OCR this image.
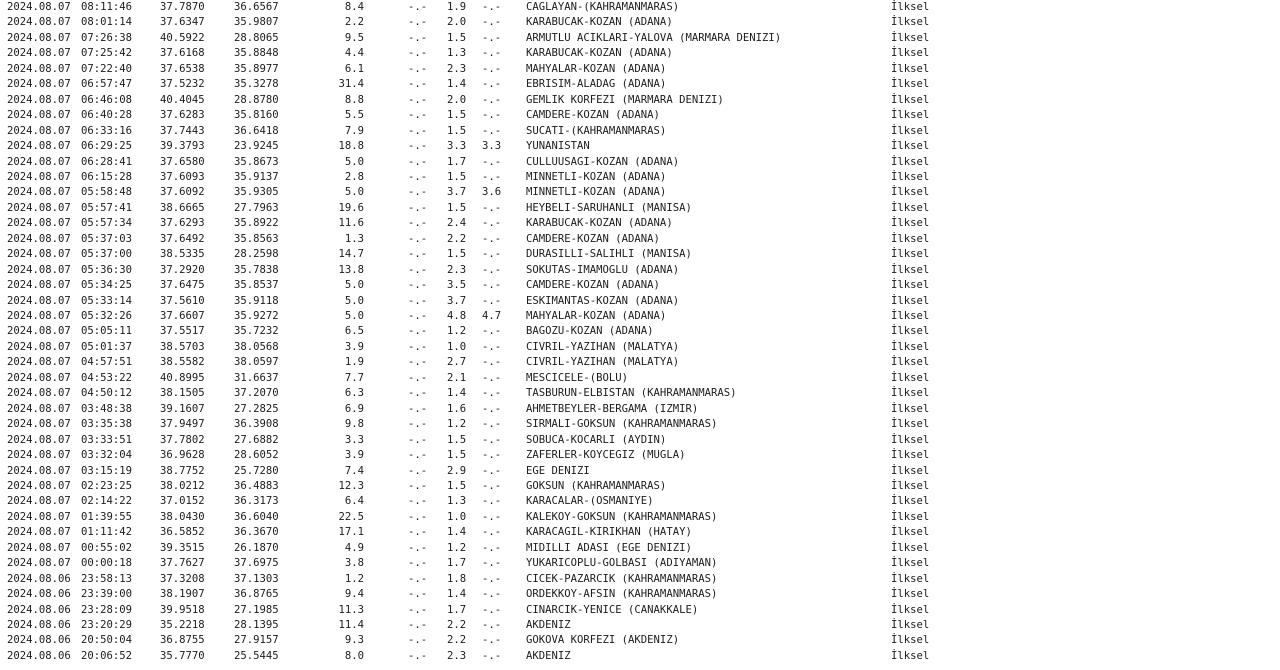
2024.08.07 08:11:46	37.7870	36.6567	8.4	-.- 1.9 -.- CAGLAYAN-(KAHRAMANMARAS)	İlksel
2024.08.07 08:01:14	37.6347	35.9807	2.2	-.- 2.0 -.- KARABUCAK-KOZAN (ADANA)	İlksel
2024.08.07 07:26:38	40.5922	28.8065	9.5	-.- 1.5 -.- ARMUTLU ACIKLARI-YALOVA (MARMARA DENIZI)	İlksel
2024.08.07 07:25:42	37.6168	35.8848	4.4	-.- 1.3 -.- KARABUCAK-KOZAN (ADANA)	İlksel
2024.08.07 07:22:40	37.6538	35.8977	6.1	-.- 2.3 -.- MAHYALAR-KOZAN (ADANA)	İlksel
2024.08.07 06:57:47	37.5232	35.3278	31.4	-.- 1.4 -.- EBRISIM-ALADAG (ADANA)	İlksel
2024.08.07 06:46:08	40.4045	28.8780	8.8	-.- 2.0 -.- GEMLIK KORFEZI (MARMARA DENIZI)	İlksel
2024.08.07 06:40:28	37.6283	35.8160	5.5	-.- 1.5 -.- CAMDERE-KOZAN (ADANA)	İlksel
2024.08.07 06:33:16	37.7443	36.6418	7.9	-.- 1.5 -.- SUCATI-(KAHRAMANMARAS)	İlksel
2024.08.07 06:29:25	39.3793	23.9245	18.8	-.- 3.3 3.3 YUNANISTAN	İlksel
2024.08.07 06:28:41	37.6580	35.8673	5.0	-.- 1.7 -.- CULLUUSAGI-KOZAN (ADANA)	İlksel
2024.08.07 06:15:28	37.6093	35.9137	2.8	-.- 1.5 -.- MINNETLI-KOZAN (ADANA)	İlksel
2024.08.07 05:58:48	37.6092	35.9305	5.0	-.- 3.7 3.6 MINNETLI-KOZAN (ADANA)	İlksel
2024.08.07 05:57:41	38.6665	27.7963	19.6	-.- 1.5 -.- HEYBELI-SARUHANLI (MANISA)	İlksel
2024.08.07 05:57:34	37.6293	35.8922	11.6	-.- 2.4 -.- KARABUCAK-KOZAN (ADANA)	İlksel
2024.08.07 05:37:03	37.6492	35.8563	1.3	-.- 2.2 -.- CAMDERE-KOZAN (ADANA)	İlksel
2024.08.07 05:37:00	38.5335	28.2598	14.7	-.- 1.5 -.- DURASILLI-SALIHLI (MANISA)	İlksel
2024.08.07 05:36:30	37.2920	35.7838	13.8	-.- 2.3 -.- SOKUTAS-IMAMOGLU (ADANA)	İlksel
2024.08.07 05:34:25	37.6475	35.8537	5.0	-.- 3.5 -.- CAMDERE-KOZAN (ADANA)	İlksel
2024.08.07 05:33:14	37.5610	35.9118	5.0	-.- 3.7 -.- ESKIMANTAS-KOZAN (ADANA)	İlksel
2024.08.07 05:32:26	37.6607	35.9272	5.0	-.- 4.8 4.7 MAHYALAR-KOZAN (ADANA)	İlksel
2024.08.07 05:05:11	37.5517	35.7232	6.5	-.- 1.2 -.- BAGOZU-KOZAN (ADANA)	İlksel
2024.08.07 05:01:37	38.5703	38.0568	3.9	-.- 1.0 -.- CIVRIL-YAZIHAN (MALATYA)	İlksel
2024.08.07 04:57:51	38.5582	38.0597	1.9	-.- 2.7 -.- CIVRIL-YAZIHAN (MALATYA)	İlksel
2024.08.07 04:53:22	40.8995	31.6637	7.7	-.- 2.1 -.- MESCICELE-(BOLU)	İlksel
2024.08.07 04:50:12	38.1505	37.2070	6.3	-.- 1.4 -.- TASBURUN-ELBISTAN (KAHRAMANMARAS)	İlksel
2024.08.07 03:48:38	39.1607	27.2825	6.9	-.- 1.6 -.- AHMETBEYLER-BERGAMA (IZMIR)	İlksel
2024.08.07 03:35:38	37.9497	36.3908	9.8	-.- 1.2 -.- SIRMALI-GOKSUN (KAHRAMANMARAS)	İlksel
2024.08.07 03:33:51	37.7802	27.6882	3.3	-.- 1.5 -.- SOBUCA-KOCARLI (AYDIN)	İlksel
2024.08.07 03:32:04	36.9628	28.6052	3.9	-.- 1.5 -.- ZAFERLER-KOYCEGIZ (MUGLA)	İlksel
2024.08.07 03:15:19	38.7752	25.7280	7.4	-.- 2.9 -.- EGE DENIZI	İlksel
2024.08.07 02:23:25	38.0212	36.4883	12.3	-.- 1.5 -.- GOKSUN (KAHRAMANMARAS)	İlksel
2024.08.07 02:14:22	37.0152	36.3173	6.4	-.- 1.3 -.- KARACALAR-(OSMANIYE)	İlksel
2024.08.07 01:39:55	38.0430	36.6040	22.5	-.- 1.0 -.- KALEKOY-GOKSUN (KAHRAMANMARAS)	İlksel
2024.08.07 01:11:42	36.5852	36.3670	17.1	-.- 1.4 -.- KARACAGIL-KIRIKHAN (HATAY)	İlksel
2024.08.07 00:55:02	39.3515	26.1870	4.9	-.- 1.2 -.- MIDILLI ADASI (EGE DENIZI)	İlksel
2024.08.07 00:00:18	37.7627	37.6975	3.8	-.- 1.7 -.- YUKARICOPLU-GOLBASI (ADIYAMAN)	İlksel
2024.08.06 23:58:13	37.3208	37.1303	1.2	-.- 1.8 -.- CICEK-PAZARCIK (KAHRAMANMARAS)	İlksel
2024.08.06 23:39:00	38.1907	36.8765	9.4	-.- 1.4 -.- ORDEKKOY-AFSIN (KAHRAMANMARAS)	İlksel
2024.08.06 23:28:09	39.9518	27.1985	11.3	-.- 1.7 -.- CINARCIK-YENICE (CANAKKALE)	İlksel
2024.08.06 23:20:29	35.2218	28.1395	11.4	-.- 2.2 -.- AKDENIZ	İlksel
2024.08.06 20:50:04	36.8755	27.9157	9.3	-.- 2.2 -.- GOKOVA KORFEZI (AKDENIZ)	İlksel
2024.08.06 20:06:52	35.7770	25.5445	8.0	-.- 2.3 -.- AKDENIZ	İlksel
